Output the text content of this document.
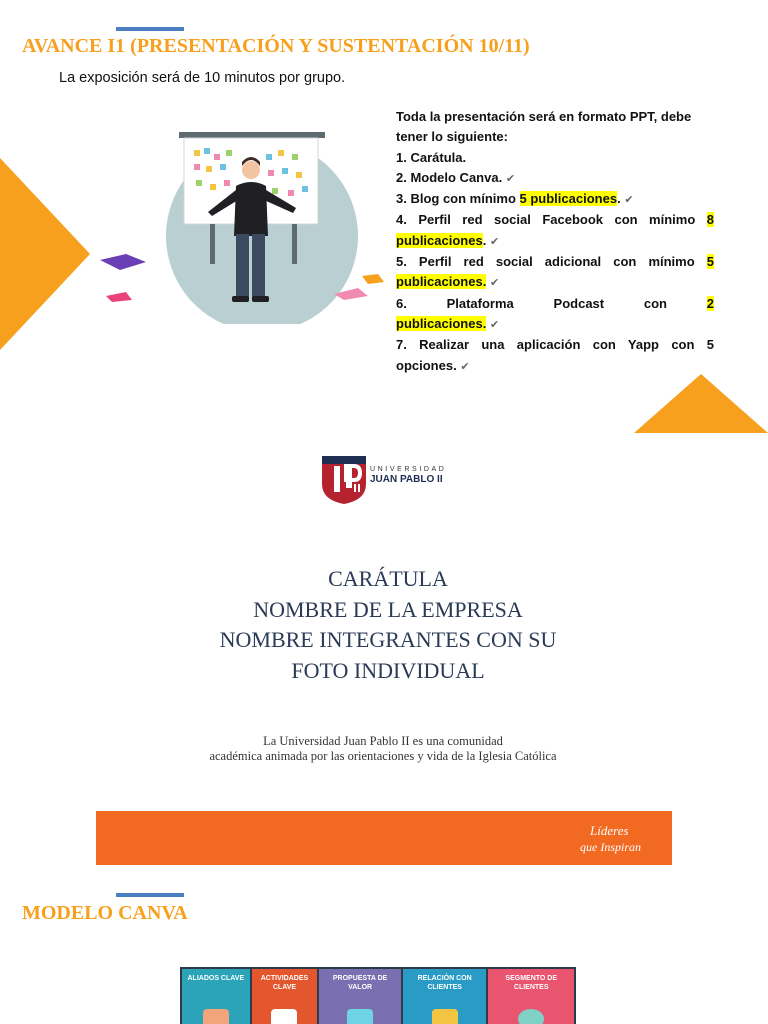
AVANCE I1 (PRESENTACIÓN Y SUSTENTACIÓN 10/11)
La exposición será de 10 minutos por grupo.
Toda la presentación será en formato PPT, debe tener lo siguiente:
1. Carátula.
2. Modelo Canva. ✔
3. Blog con mínimo 5 publicaciones. ✔
4. Perfil red social Facebook con mínimo 8 publicaciones. ✔
5. Perfil red social adicional con mínimo 5 publicaciones. ✔
6.	Plataforma	Podcast	con	2
publicaciones. ✔
7. Realizar una aplicación con Yapp con 5 opciones. ✔
UNIVERSIDAD
JUAN PABLO II
CARÁTULA
NOMBRE DE LA EMPRESA
NOMBRE INTEGRANTES CON SU
FOTO INDIVIDUAL
La Universidad Juan Pablo II es una comunidad
académica animada por las orientaciones y vida de la Iglesia Católica
Líderes
que Inspiran
MODELO CANVA
ALIADOS CLAVE	ACTIVIDADES CLAVE
PROPUESTA DE VALOR
RELACIÓN CON CLIENTES
SEGMENTO DE CLIENTES
